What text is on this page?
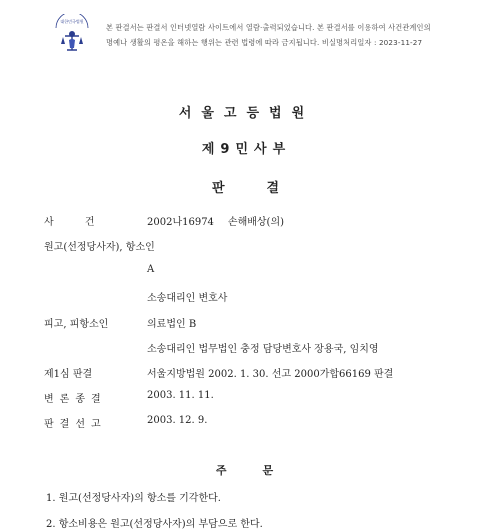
대한민국법원
본 판결서는 판결서 인터넷열람 사이트에서 열람·출력되었습니다. 본 판결서를 이용하여 사건관계인의
명예나 생활의 평온을 해하는 행위는 관련 법령에 따라 금지됩니다. 비실명처리일자 : 2023-11-27
서울고등법원
제9민사부
판결
사 건	2002나16974 손해배상(의)
원고(선정당사자), 항소인
A
소송대리인 변호사
피고, 피항소인	의료법인 B
소송대리인 법무법인 충정 담당변호사 장용국, 임치영
제1심 판결	서울지방법원 2002. 1. 30. 선고 2000가합66169 판결
변론종결	2003. 11. 11.
판결선고	2003. 12. 9.
주문
1. 원고(선정당사자)의 항소를 기각한다.
2. 항소비용은 원고(선정당사자)의 부담으로 한다.
